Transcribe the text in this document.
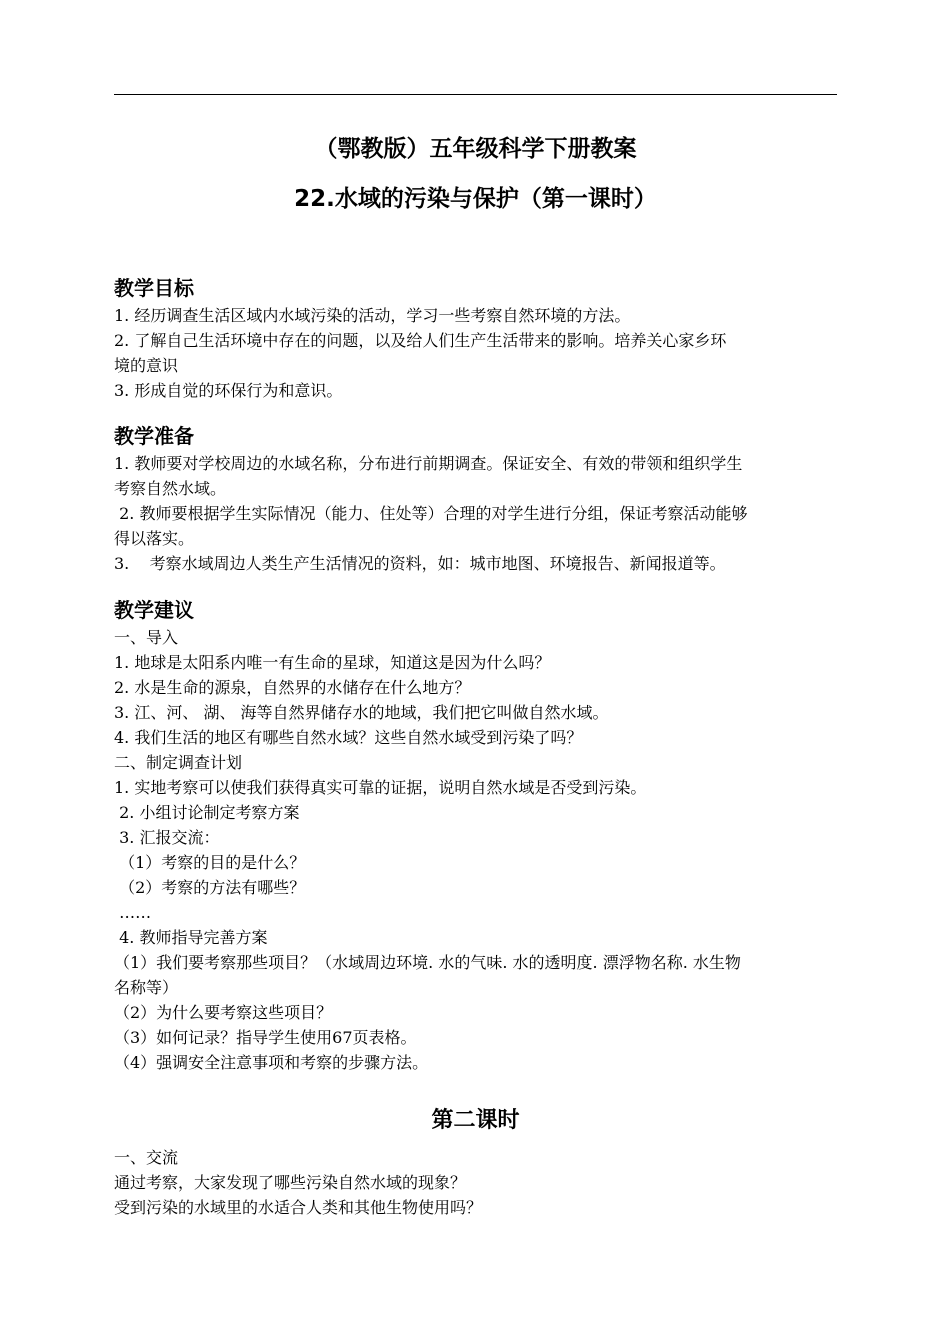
（鄂教版）五年级科学下册教案
22.水域的污染与保护（第一课时）
教学目标

1. 经历调查生活区域内水域污染的活动，学习一些考察自然环境的方法。

2. 了解自己生活环境中存在的问题，以及给人们生产生活带来的影响。培养关心家乡环

境的意识

3. 形成自觉的环保行为和意识。

教学准备

1. 教师要对学校周边的水域名称，分布进行前期调查。保证安全、有效的带领和组织学生

考察自然水域。

2. 教师要根据学生实际情况（能力、住处等）合理的对学生进行分组，保证考察活动能够

得以落实。

3.    考察水域周边人类生产生活情况的资料，如：城市地图、环境报告、新闻报道等。

教学建议

一、导入

1. 地球是太阳系内唯一有生命的星球，知道这是因为什么吗？

2. 水是生命的源泉，自然界的水储存在什么地方？

3. 江、河、 湖、 海等自然界储存水的地域，我们把它叫做自然水域。

4. 我们生活的地区有哪些自然水域？这些自然水域受到污染了吗？

二、制定调查计划

1. 实地考察可以使我们获得真实可靠的证据，说明自然水域是否受到污染。

2. 小组讨论制定考察方案

3. 汇报交流：

（1）考察的目的是什么？

（2）考察的方法有哪些？

……

4. 教师指导完善方案

（1）我们要考察那些项目？（水域周边环境. 水的气味. 水的透明度. 漂浮物名称. 水生物

名称等）

（2）为什么要考察这些项目？

（3）如何记录？指导学生使用67页表格。

（4）强调安全注意事项和考察的步骤方法。

第二课时

一、交流

通过考察，大家发现了哪些污染自然水域的现象？

受到污染的水域里的水适合人类和其他生物使用吗？
